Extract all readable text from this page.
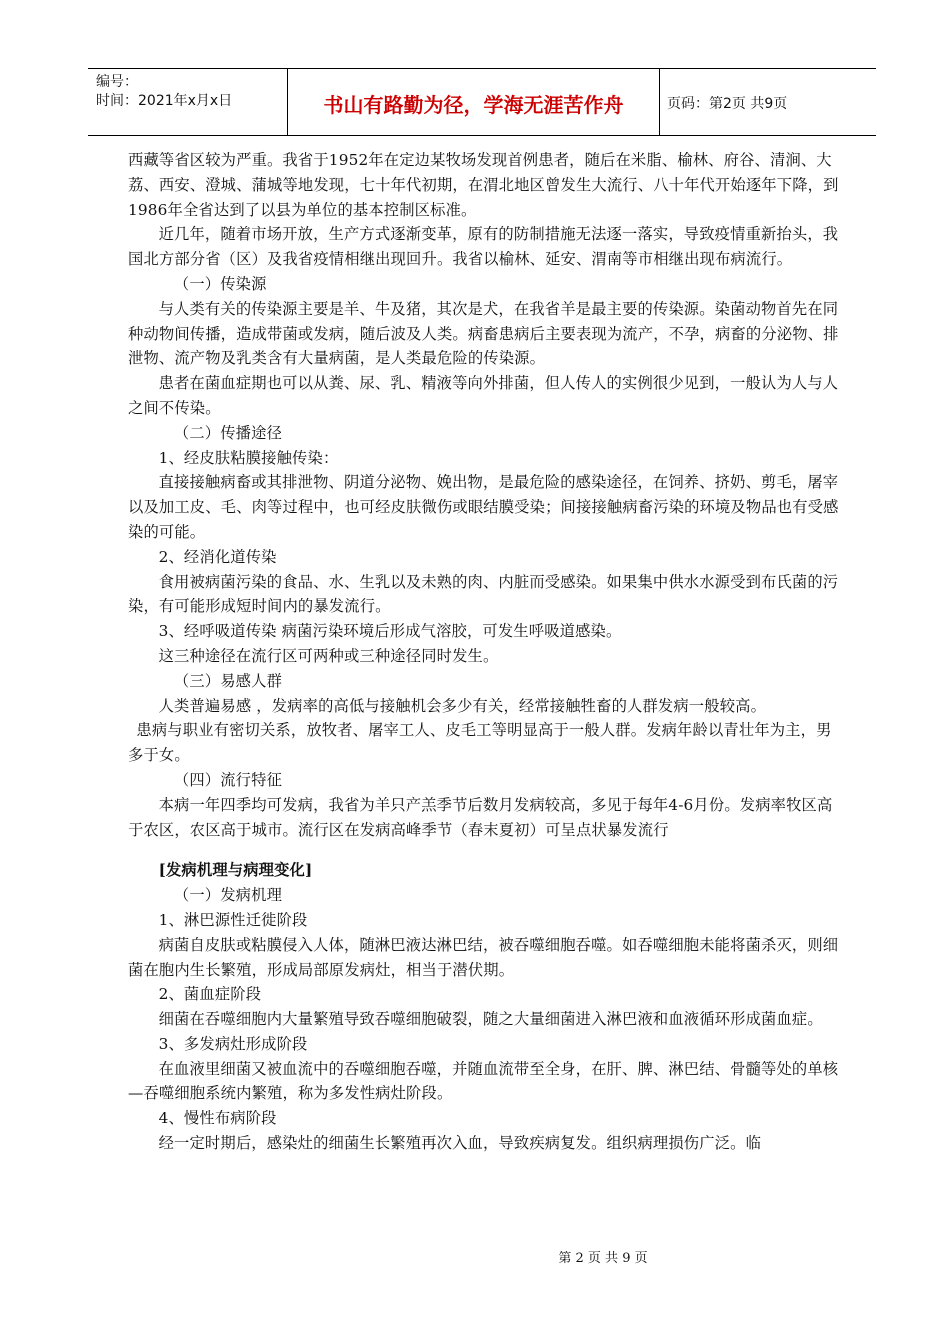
编号：
时间：2021年x月x日	书山有路勤为径，学海无涯苦作舟	页码：第2页 共9页

西藏等省区较为严重。我省于1952年在定边某牧场发现首例患者，随后在米脂、榆林、府谷、清涧、大荔、西安、澄城、蒲城等地发现，七十年代初期，在渭北地区曾发生大流行、八十年代开始逐年下降，到1986年全省达到了以县为单位的基本控制区标准。

近几年，随着市场开放，生产方式逐渐变革，原有的防制措施无法逐一落实，导致疫情重新抬头，我国北方部分省（区）及我省疫情相继出现回升。我省以榆林、延安、渭南等市相继出现布病流行。

（一）传染源

与人类有关的传染源主要是羊、牛及猪，其次是犬，在我省羊是最主要的传染源。染菌动物首先在同种动物间传播，造成带菌或发病，随后波及人类。病畜患病后主要表现为流产，不孕，病畜的分泌物、排泄物、流产物及乳类含有大量病菌，是人类最危险的传染源。

患者在菌血症期也可以从粪、尿、乳、精液等向外排菌，但人传人的实例很少见到，一般认为人与人之间不传染。

（二）传播途径

1、经皮肤粘膜接触传染：

直接接触病畜或其排泄物、阴道分泌物、娩出物，是最危险的感染途径，在饲养、挤奶、剪毛，屠宰以及加工皮、毛、肉等过程中，也可经皮肤微伤或眼结膜受染；间接接触病畜污染的环境及物品也有受感染的可能。

2、经消化道传染

食用被病菌污染的食品、水、生乳以及未熟的肉、内脏而受感染。如果集中供水水源受到布氏菌的污染，有可能形成短时间内的暴发流行。

3、经呼吸道传染 病菌污染环境后形成气溶胶，可发生呼吸道感染。

这三种途径在流行区可两种或三种途径同时发生。

（三）易感人群

人类普遍易感 ，发病率的高低与接触机会多少有关，经常接触牲畜的人群发病一般较高。

患病与职业有密切关系，放牧者、屠宰工人、皮毛工等明显高于一般人群。发病年龄以青壮年为主，男多于女。

（四）流行特征

本病一年四季均可发病，我省为羊只产羔季节后数月发病较高，多见于每年4-6月份。发病率牧区高于农区，农区高于城市。流行区在发病高峰季节（春末夏初）可呈点状暴发流行

[发病机理与病理变化]

（一）发病机理

1、淋巴源性迁徙阶段

病菌自皮肤或粘膜侵入人体，随淋巴液达淋巴结，被吞噬细胞吞噬。如吞噬细胞未能将菌杀灭，则细菌在胞内生长繁殖，形成局部原发病灶，相当于潜伏期。

2、菌血症阶段

细菌在吞噬细胞内大量繁殖导致吞噬细胞破裂，随之大量细菌进入淋巴液和血液循环形成菌血症。

3、多发病灶形成阶段

在血液里细菌又被血流中的吞噬细胞吞噬，并随血流带至全身，在肝、脾、淋巴结、骨髓等处的单核—吞噬细胞系统内繁殖，称为多发性病灶阶段。

4、慢性布病阶段

经一定时期后，感染灶的细菌生长繁殖再次入血，导致疾病复发。组织病理损伤广泛。临

第 2 页 共 9 页
